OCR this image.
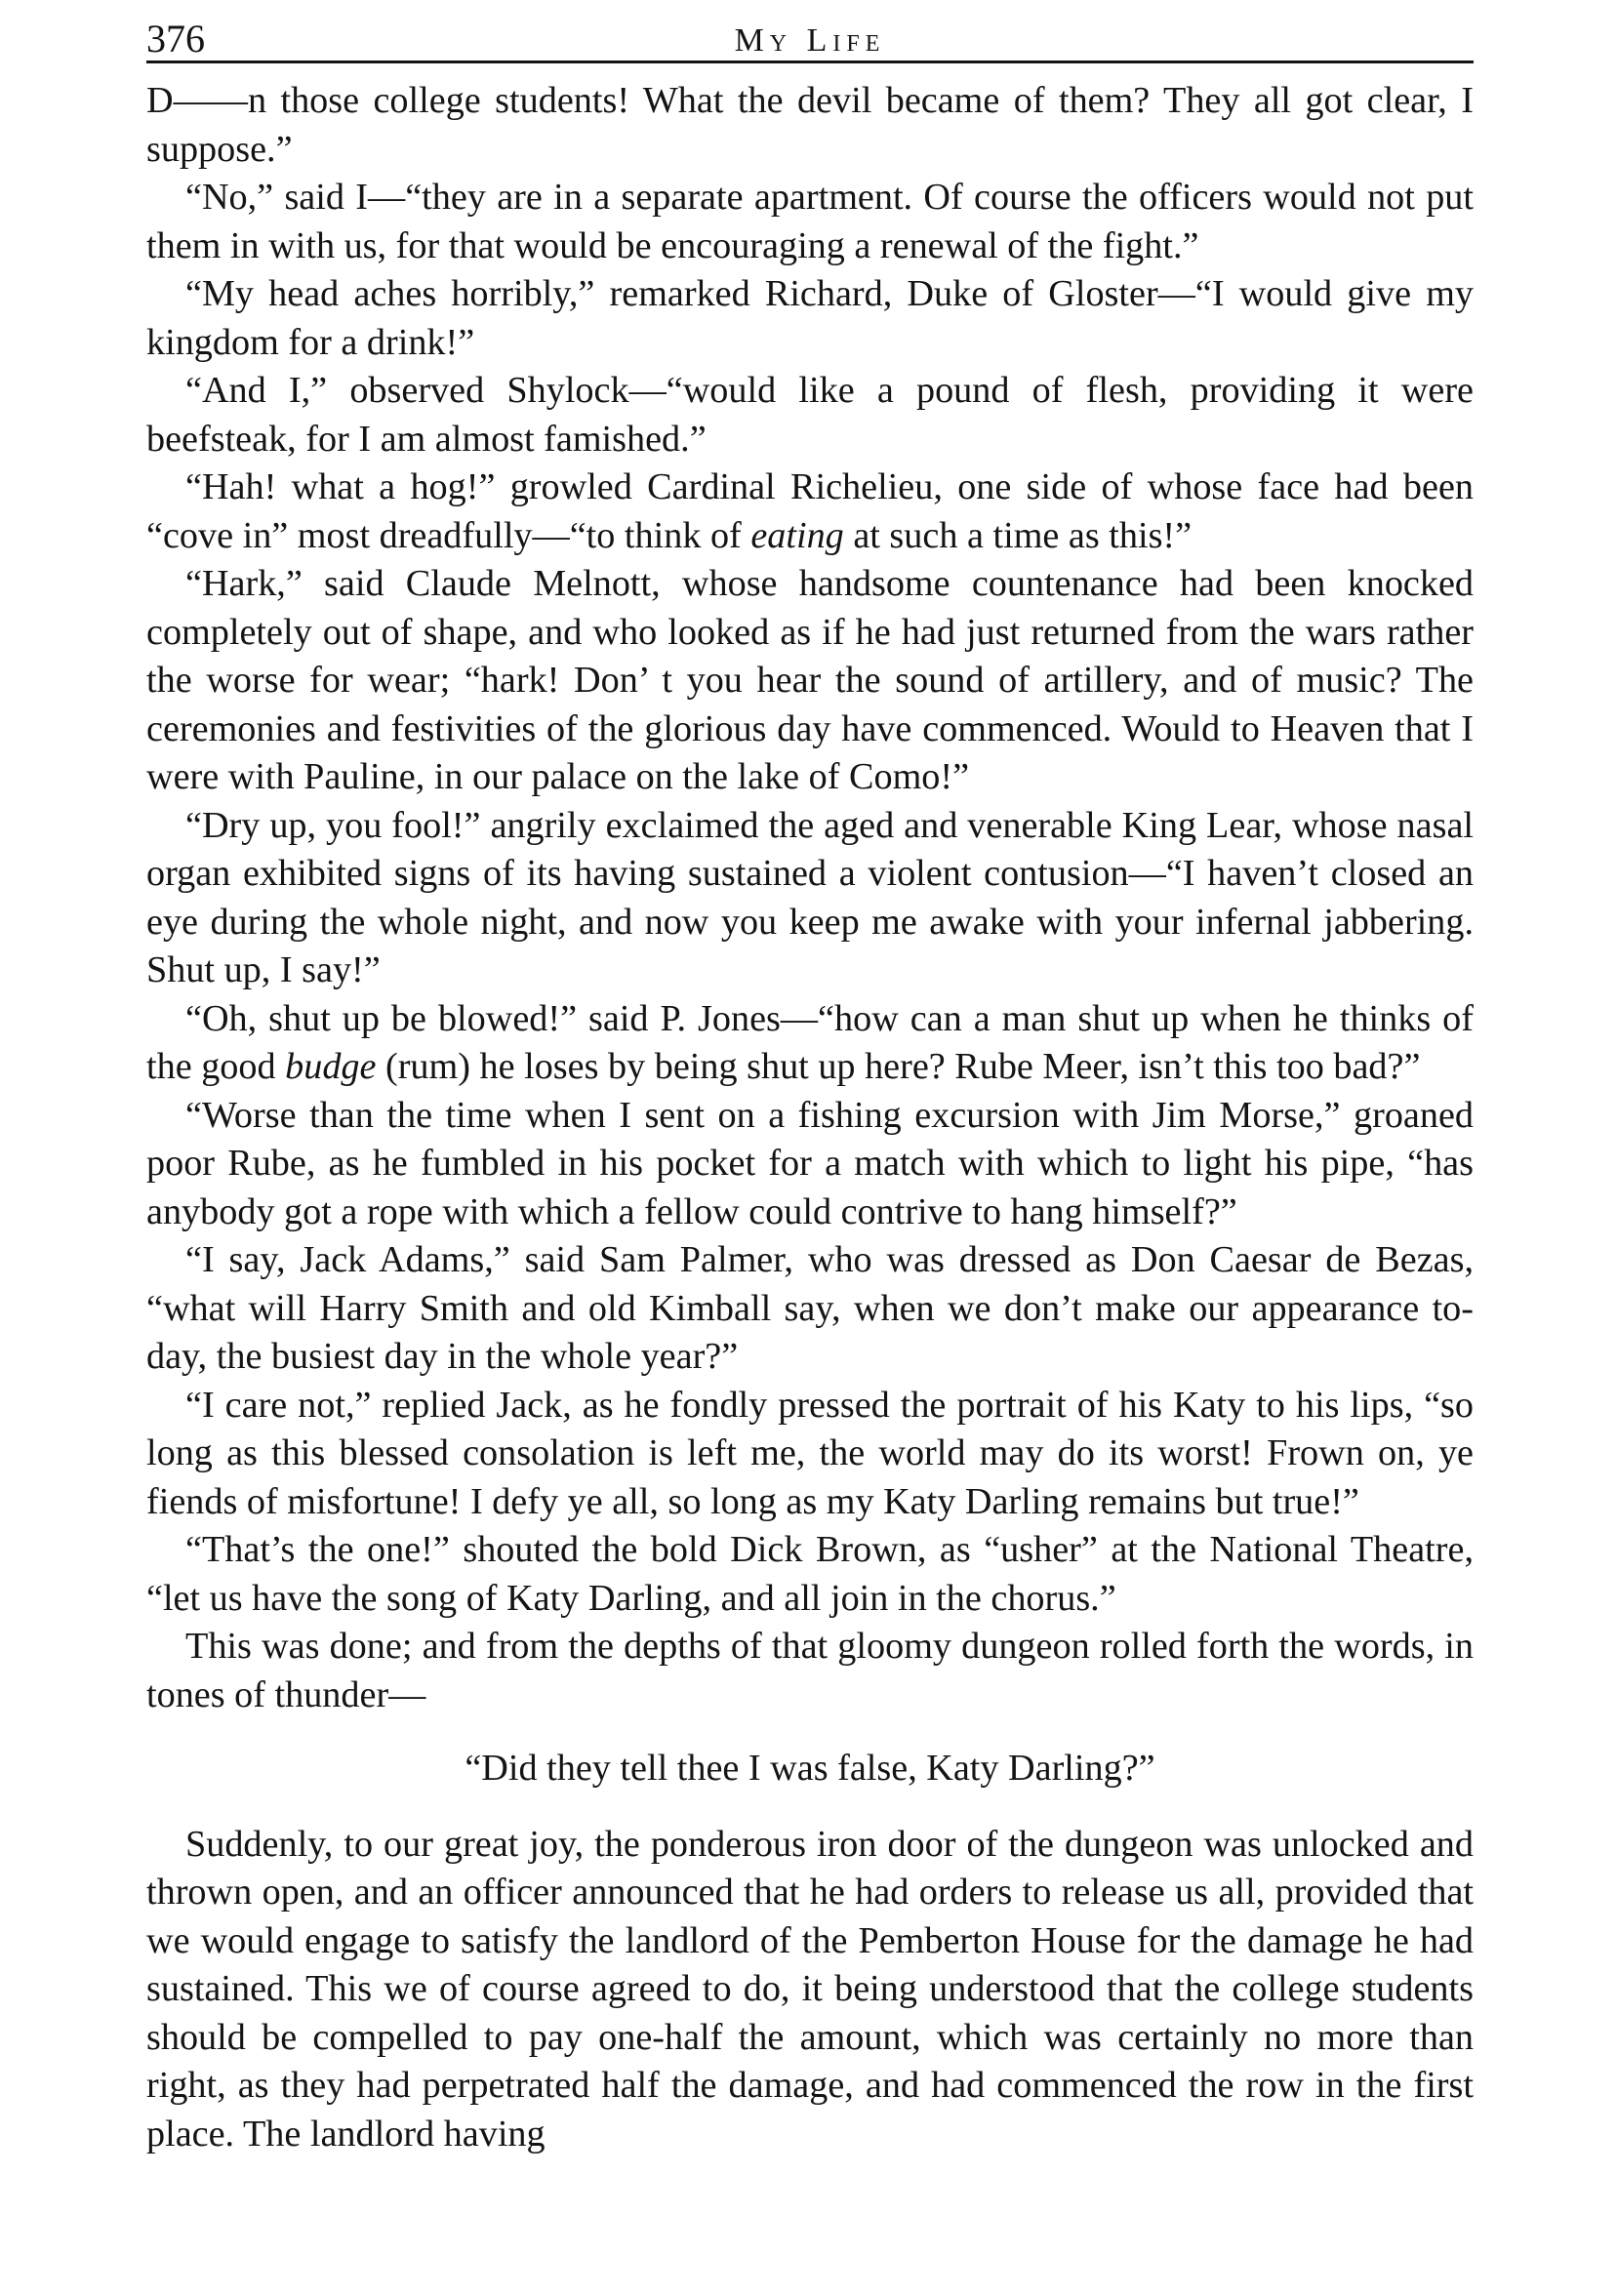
376	My Life

D——n those college students! What the devil became of them? They all got clear, I suppose.”

“No,” said I—“they are in a separate apartment. Of course the officers would not put them in with us, for that would be encouraging a renewal of the fight.”

“My head aches horribly,” remarked Richard, Duke of Gloster—“I would give my kingdom for a drink!”

“And I,” observed Shylock—“would like a pound of flesh, providing it were beefsteak, for I am almost famished.”

“Hah! what a hog!” growled Cardinal Richelieu, one side of whose face had been “cove in” most dreadfully—“to think of eating at such a time as this!”

“Hark,” said Claude Melnott, whose handsome countenance had been knocked completely out of shape, and who looked as if he had just returned from the wars rather the worse for wear; “hark! Don’ t you hear the sound of artillery, and of music? The ceremonies and festivities of the glorious day have commenced. Would to Heaven that I were with Pauline, in our palace on the lake of Como!”

“Dry up, you fool!” angrily exclaimed the aged and venerable King Lear, whose nasal organ exhibited signs of its having sustained a violent contusion—“I haven’t closed an eye during the whole night, and now you keep me awake with your infernal jabbering. Shut up, I say!”

“Oh, shut up be blowed!” said P. Jones—“how can a man shut up when he thinks of the good budge (rum) he loses by being shut up here? Rube Meer, isn’t this too bad?”

“Worse than the time when I sent on a fishing excursion with Jim Morse,” groaned poor Rube, as he fumbled in his pocket for a match with which to light his pipe, “has anybody got a rope with which a fellow could contrive to hang himself?”

“I say, Jack Adams,” said Sam Palmer, who was dressed as Don Caesar de Bezas, “what will Harry Smith and old Kimball say, when we don’t make our appearance to-day, the busiest day in the whole year?”

“I care not,” replied Jack, as he fondly pressed the portrait of his Katy to his lips, “so long as this blessed consolation is left me, the world may do its worst! Frown on, ye fiends of misfortune! I defy ye all, so long as my Katy Darling remains but true!”

“That’s the one!” shouted the bold Dick Brown, as “usher” at the National Theatre, “let us have the song of Katy Darling, and all join in the chorus.”

This was done; and from the depths of that gloomy dungeon rolled forth the words, in tones of thunder—

“Did they tell thee I was false, Katy Darling?”

Suddenly, to our great joy, the ponderous iron door of the dungeon was unlocked and thrown open, and an officer announced that he had orders to release us all, provided that we would engage to satisfy the landlord of the Pemberton House for the damage he had sustained. This we of course agreed to do, it being understood that the college students should be compelled to pay one-half the amount, which was certainly no more than right, as they had perpetrated half the damage, and had commenced the row in the first place. The landlord having
